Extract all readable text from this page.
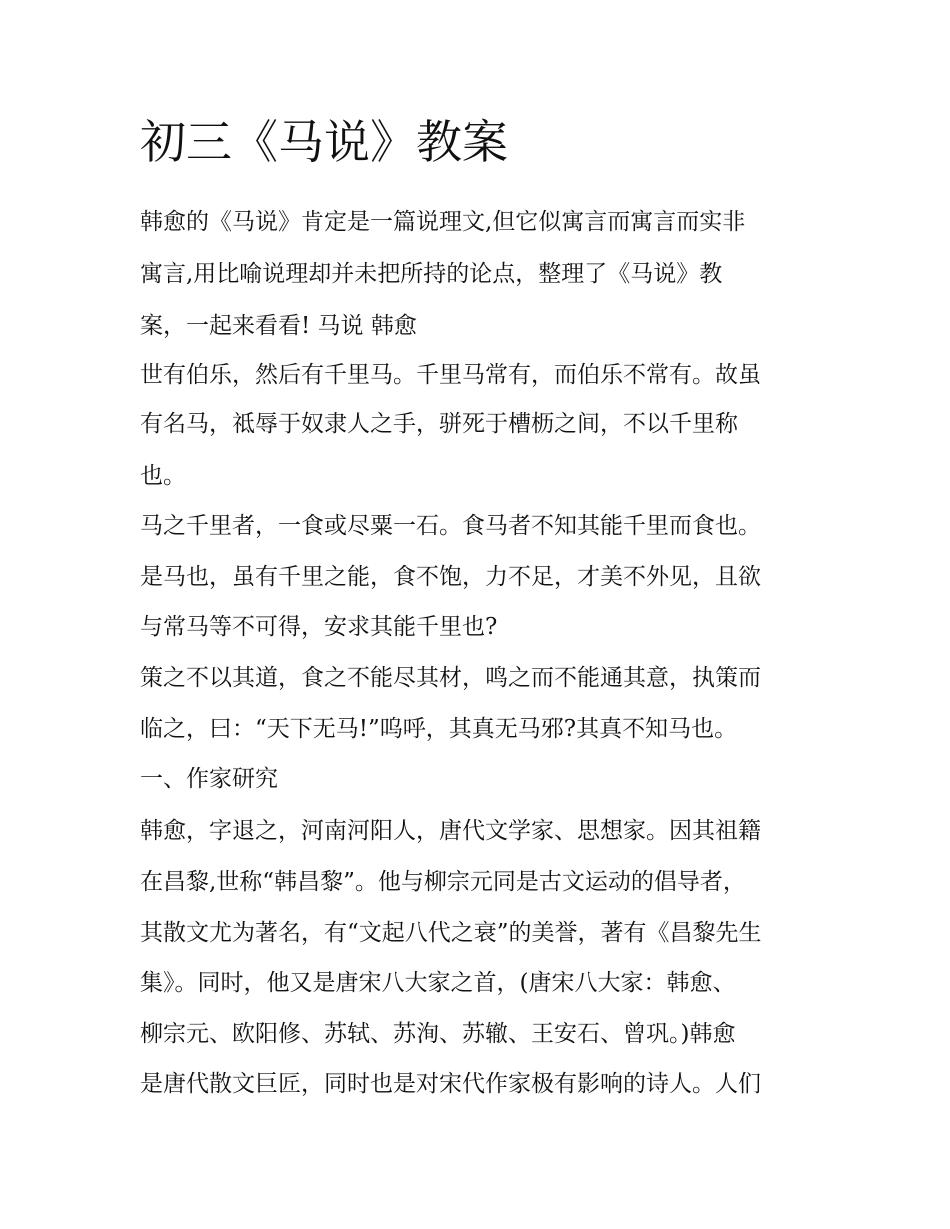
初三《马说》教案

韩愈的《马说》肯定是一篇说理文,但它似寓言而寓言而实非

寓言,用比喻说理却并未把所持的论点，整理了《马说》教

案，一起来看看! 马说 韩愈

世有伯乐，然后有千里马。千里马常有，而伯乐不常有。故虽

有名马，祗辱于奴隶人之手，骈死于槽枥之间，不以千里称

也。

马之千里者，一食或尽粟一石。食马者不知其能千里而食也。

是马也，虽有千里之能，食不饱，力不足，才美不外见，且欲

与常马等不可得，安求其能千里也?

策之不以其道，食之不能尽其材，鸣之而不能通其意，执策而

临之，曰：“天下无马!”呜呼，其真无马邪?其真不知马也。

一、作家研究

韩愈，字退之，河南河阳人，唐代文学家、思想家。因其祖籍

在昌黎,世称“韩昌黎”。他与柳宗元同是古文运动的倡导者，

其散文尤为著名，有“文起八代之衰”的美誉，著有《昌黎先生

集》。同时，他又是唐宋八大家之首，(唐宋八大家：韩愈、

柳宗元、欧阳修、苏轼、苏洵、苏辙、王安石、曾巩。)韩愈

是唐代散文巨匠，同时也是对宋代作家极有影响的诗人。人们
